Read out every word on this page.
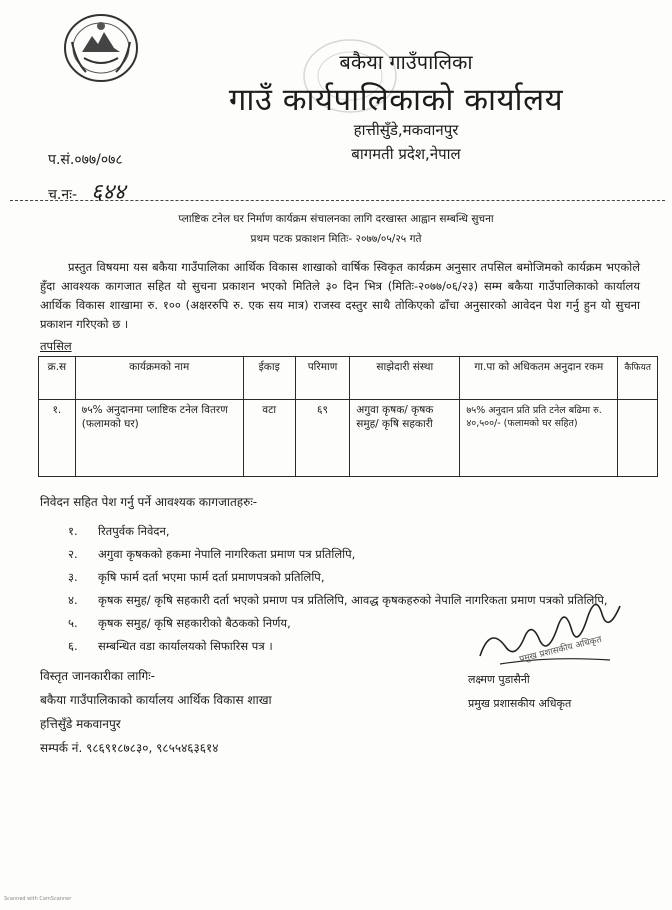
बकैया गाउँपालिका
गाउँ कार्यपालिकाको कार्यालय
हात्तीसुँडे,मकवानपुर
बागमती प्रदेश,नेपाल
प.सं.०७७/०७८
च.नः- ६४४
प्लाष्टिक टनेल घर निर्माण कार्यक्रम संचालनका लागि दरखास्त आह्वान सम्बन्धि सुचना
प्रथम पटक प्रकाशन मितिः- २०७७/०५/२५ गते
प्रस्तुत विषयमा यस बकैया गाउँपालिका आर्थिक विकास शाखाको वार्षिक स्विकृत कार्यक्रम अनुसार तपसिल बमोजिमको कार्यक्रम भएकोले हुँदा आवश्यक कागजात सहित यो सुचना प्रकाशन भएको मितिले ३० दिन भित्र (मितिः-२०७७/०६/२३) सम्म बकैया गाउँपालिकाको कार्यालय आर्थिक विकास शाखामा रु. १०० (अक्षररुपि रु. एक सय मात्र) राजस्व दस्तुर साथै तोकिएको ढाँचा अनुसारको आवेदन पेश गर्नु हुन यो सुचना प्रकाशन गरिएको छ ।
तपसिल
क्र.स	कार्यक्रमको नाम	ईकाइ	परिमाण	साझेदारी संस्था	गा.पा को अधिकतम अनुदान रकम	कैफियत
१.	७५% अनुदानमा प्लाष्टिक टनेल वितरण (फलामको घर)	वटा	६९	अगुवा कृषक/ कृषक समुह/ कृषि सहकारी	७५% अनुदान प्रति प्रति टनेल बढिमा रु. ४०,५००/- (फलामको घर सहित)	
निवेदन सहित पेश गर्नु पर्ने आवश्यक कागजातहरुः-
१. रितपुर्वक निवेदन,
२. अगुवा कृषकको हकमा नेपालि नागरिकता प्रमाण पत्र प्रतिलिपि,
३. कृषि फार्म दर्ता भएमा फार्म दर्ता प्रमाणपत्रको प्रतिलिपि,
४. कृषक समुह/ कृषि सहकारी दर्ता भएको प्रमाण पत्र प्रतिलिपि, आवद्ध कृषकहरुको नेपालि नागरिकता प्रमाण पत्रको प्रतिलिपि,
५. कृषक समुह/ कृषि सहकारीको बैठकको निर्णय,
६. सम्बन्धित वडा कार्यालयको सिफारिस पत्र ।
विस्तृत जानकारीका लागिः-
बकैया गाउँपालिकाको कार्यालय आर्थिक विकास शाखा
हत्तिसुँडे मकवानपुर
सम्पर्क नं. ९८६९१८७८३०, ९८५५४६३६१४
प्रमुख प्रशासकीय अधिकृत
लक्ष्मण पुडासैनी
प्रमुख प्रशासकीय अधिकृत
Scanned with CamScanner
